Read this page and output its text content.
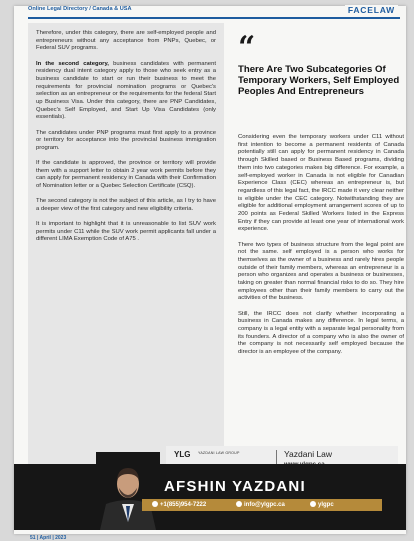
Online Legal Directory / Canada & USA	FACELAW

Therefore, under this category, there are self-employed people and entrepreneurs without any acceptance from PNPs, Quebec, or Federal SUV programs.

In the second category, business candidates with permanent residency dual intent category apply to those who seek entry as a business candidate to start or run their business to meet the requirements for provincial nomination programs or Quebec's selection as an entrepreneur or the requirements for the federal Start up Business Visa. Under this category, there are PNP Candidates, Quebec's Self Employed, and Start Up Visa Candidates (only essentials).

The candidates under PNP programs must first apply to a province or territory for acceptance into the provincial business immigration program.

If the candidate is approved, the province or territory will provide them with a support letter to obtain 2 year work permits before they can apply for permanent residency in Canada with their Confirmation of Nomination letter or a Quebec Selection Certificate (CSQ).

The second category is not the subject of this article, as I try to have a deeper view of the first category and new eligibility criteria.

It is important to highlight that it is unreasonable to list SUV work permits under C11 while the SUV work permit applicants fall under a different LIMA Exemption Code of A75 .

“
There Are Two Subcategories Of Temporary Workers, Self Employed Peoples And Entrepreneurs

Considering even the temporary workers under C11 without first intention to become a permanent residents of Canada potentially still can apply for permanent residency in Canada through Skilled based or Business Based programs, dividing them into two categories makes big difference. For example, a self-employed worker in Canada is not eligible for Canadian Experience Class (CEC) whereas an entrepreneur is, but regardless of this legal fact, the IRCC made it very clear neither is eligible under the CEC category. Notwithstanding they are eligible for additional employment arrangement scores of up to 200 points as Federal Skilled Workers listed in the Express Entry if they can provide at least one year of international work experience.

There two types of business structure from the legal point are not the same. self employed is a person who works for themselves as the owner of a business and rarely hires people outside of their family members, whereas an entrepreneur is a person who organizes and operates a business or businesses, taking on greater than normal financial risks to do so. They hire employees other than their family members to carry out the activities of the business.

Still, the IRCC does not clarify whether incorporating a business in Canada makes any difference. In legal terms, a company is a legal entity with a separate legal personality from its founders. A director of a company who is also the owner of the company is not necessarily self employed because the director is an employee of the company.

YLG YAZDANI LAW GROUP	Yazdani Law
AFSHIN YAZDANI
+1(855)954-7222	info@ylgpc.ca	ylgpc
51 | April | 2023
